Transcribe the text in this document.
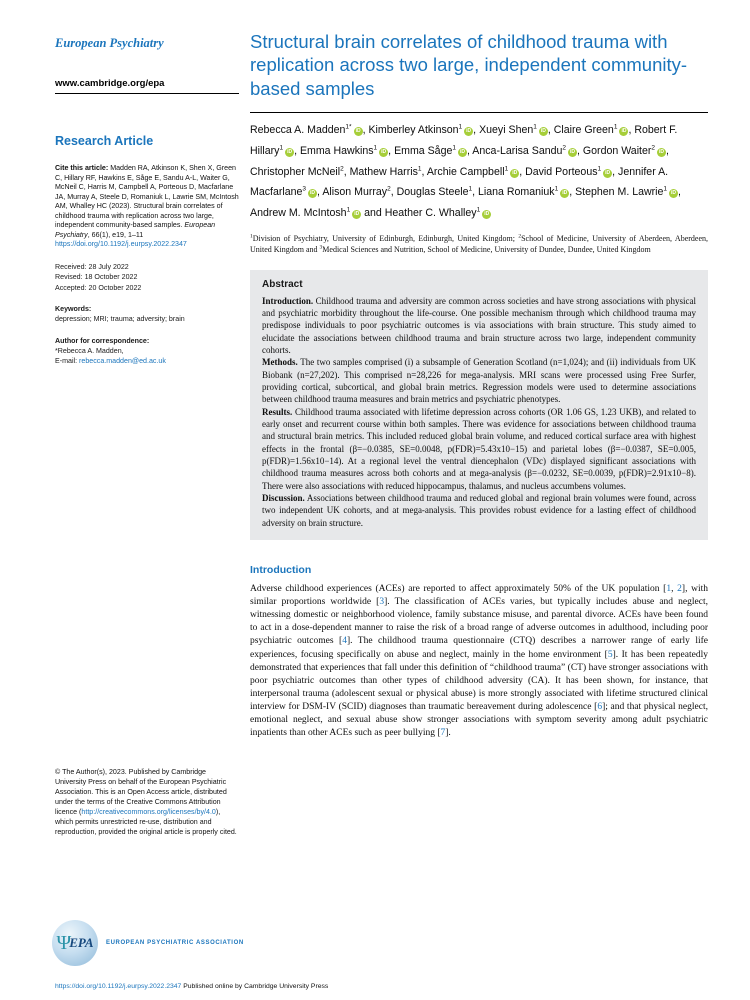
European Psychiatry
www.cambridge.org/epa
Research Article

Cite this article: Madden RA, Atkinson K, Shen X, Green C, Hillary RF, Hawkins E, Såge E, Sandu A-L, Waiter G, McNeil C, Harris M, Campbell A, Porteous D, Macfarlane JA, Murray A, Steele D, Romaniuk L, Lawrie SM, McIntosh AM, Whalley HC (2023). Structural brain correlates of childhood trauma with replication across two large, independent community-based samples. European Psychiatry, 66(1), e19, 1–11

https://doi.org/10.1192/j.eurpsy.2022.2347
Received: 28 July 2022
Revised: 18 October 2022
Accepted: 20 October 2022
Keywords:
depression; MRI; trauma; adversity; brain
Author for correspondence:
*Rebecca A. Madden,
E-mail: rebecca.madden@ed.ac.uk

© The Author(s), 2023. Published by Cambridge University Press on behalf of the European Psychiatric Association. This is an Open Access article, distributed under the terms of the Creative Commons Attribution licence (http://creativecommons.org/licenses/by/4.0), which permits unrestricted re-use, distribution and reproduction, provided the original article is properly cited.

Ψ
EPA EUROPEAN PSYCHIATRIC ASSOCIATION
Structural brain correlates of childhood trauma with replication across two large, independent community-based samples
Rebecca A. Madden$^{1*}$iD , Kimberley Atkinson$^1$iD , Xueyi Shen$^1$iD , Claire Green$^1$iD , Robert F. Hillary$^1$iD , Emma Hawkins$^1$iD , Emma Såge$^1$iD , Anca-Larisa Sandu$^2$iD , Gordon Waiter$^2$iD , Christopher McNeil$^2$, Mathew Harris$^1$, Archie Campbell$^1$iD , David Porteous$^1$iD , Jennifer A. Macfarlane$^3$iD , Alison Murray$^2$, Douglas Steele$^1$, Liana Romaniuk$^1$iD , Stephen M. Lawrie$^1$iD , Andrew M. McIntosh$^1$iD and Heather C. Whalley$^1$iD
$^1$Division of Psychiatry, University of Edinburgh, Edinburgh, United Kingdom; $^2$School of Medicine, University of Aberdeen, Aberdeen, United Kingdom and $^3$Medical Sciences and Nutrition, School of Medicine, University of Dundee, Dundee, United Kingdom
Abstract

Introduction. Childhood trauma and adversity are common across societies and have strong associations with physical and psychiatric morbidity throughout the life-course. One possible mechanism through which childhood trauma may predispose individuals to poor psychiatric outcomes is via associations with brain structure. This study aimed to elucidate the associations between childhood trauma and brain structure across two large, independent community cohorts.

Methods. The two samples comprised (i) a subsample of Generation Scotland (n=1,024); and (ii) individuals from UK Biobank (n=27,202). This comprised n=28,226 for mega-analysis. MRI scans were processed using Free Surfer, providing cortical, subcortical, and global brain metrics. Regression models were used to determine associations between childhood trauma measures and brain metrics and psychiatric phenotypes.

Results. Childhood trauma associated with lifetime depression across cohorts (OR 1.06 GS, 1.23 UKB), and related to early onset and recurrent course within both samples. There was evidence for associations between childhood trauma and structural brain metrics. This included reduced global brain volume, and reduced cortical surface area with highest effects in the frontal (β=−0.0385, SE=0.0048, p(FDR)=5.43x10−15) and parietal lobes (β=−0.0387, SE=0.005, p(FDR)=1.56x10−14). At a regional level the ventral diencephalon (VDc) displayed significant associations with childhood trauma measures across both cohorts and at mega-analysis (β=−0.0232, SE=0.0039, p(FDR)=2.91x10−8). There were also associations with reduced hippocampus, thalamus, and nucleus accumbens volumes.

Discussion. Associations between childhood trauma and reduced global and regional brain volumes were found, across two independent UK cohorts, and at mega-analysis. This provides robust evidence for a lasting effect of childhood adversity on brain structure.

Introduction

Adverse childhood experiences (ACEs) are reported to affect approximately 50% of the UK population [1, 2], with similar proportions worldwide [3]. The classification of ACEs varies, but typically includes abuse and neglect, witnessing domestic or neighborhood violence, family substance misuse, and parental divorce. ACEs have been found to act in a dose-dependent manner to raise the risk of a broad range of adverse outcomes in adulthood, including poor psychiatric outcomes [4]. The childhood trauma questionnaire (CTQ) describes a narrower range of early life experiences, focusing specifically on abuse and neglect, mainly in the home environment [5]. It has been repeatedly demonstrated that experiences that fall under this definition of “childhood trauma” (CT) have stronger associations with poor psychiatric outcomes than other types of childhood adversity (CA). It has been shown, for instance, that interpersonal trauma (adolescent sexual or physical abuse) is more strongly associated with lifetime structured clinical interview for DSM-IV (SCID) diagnoses than traumatic bereavement during adolescence [6]; and that physical neglect, emotional neglect, and sexual abuse show stronger associations with symptom severity among adult psychiatric inpatients than other ACEs such as peer bullying [7].

https://doi.org/10.1192/j.eurpsy.2022.2347 Published online by Cambridge University Press
